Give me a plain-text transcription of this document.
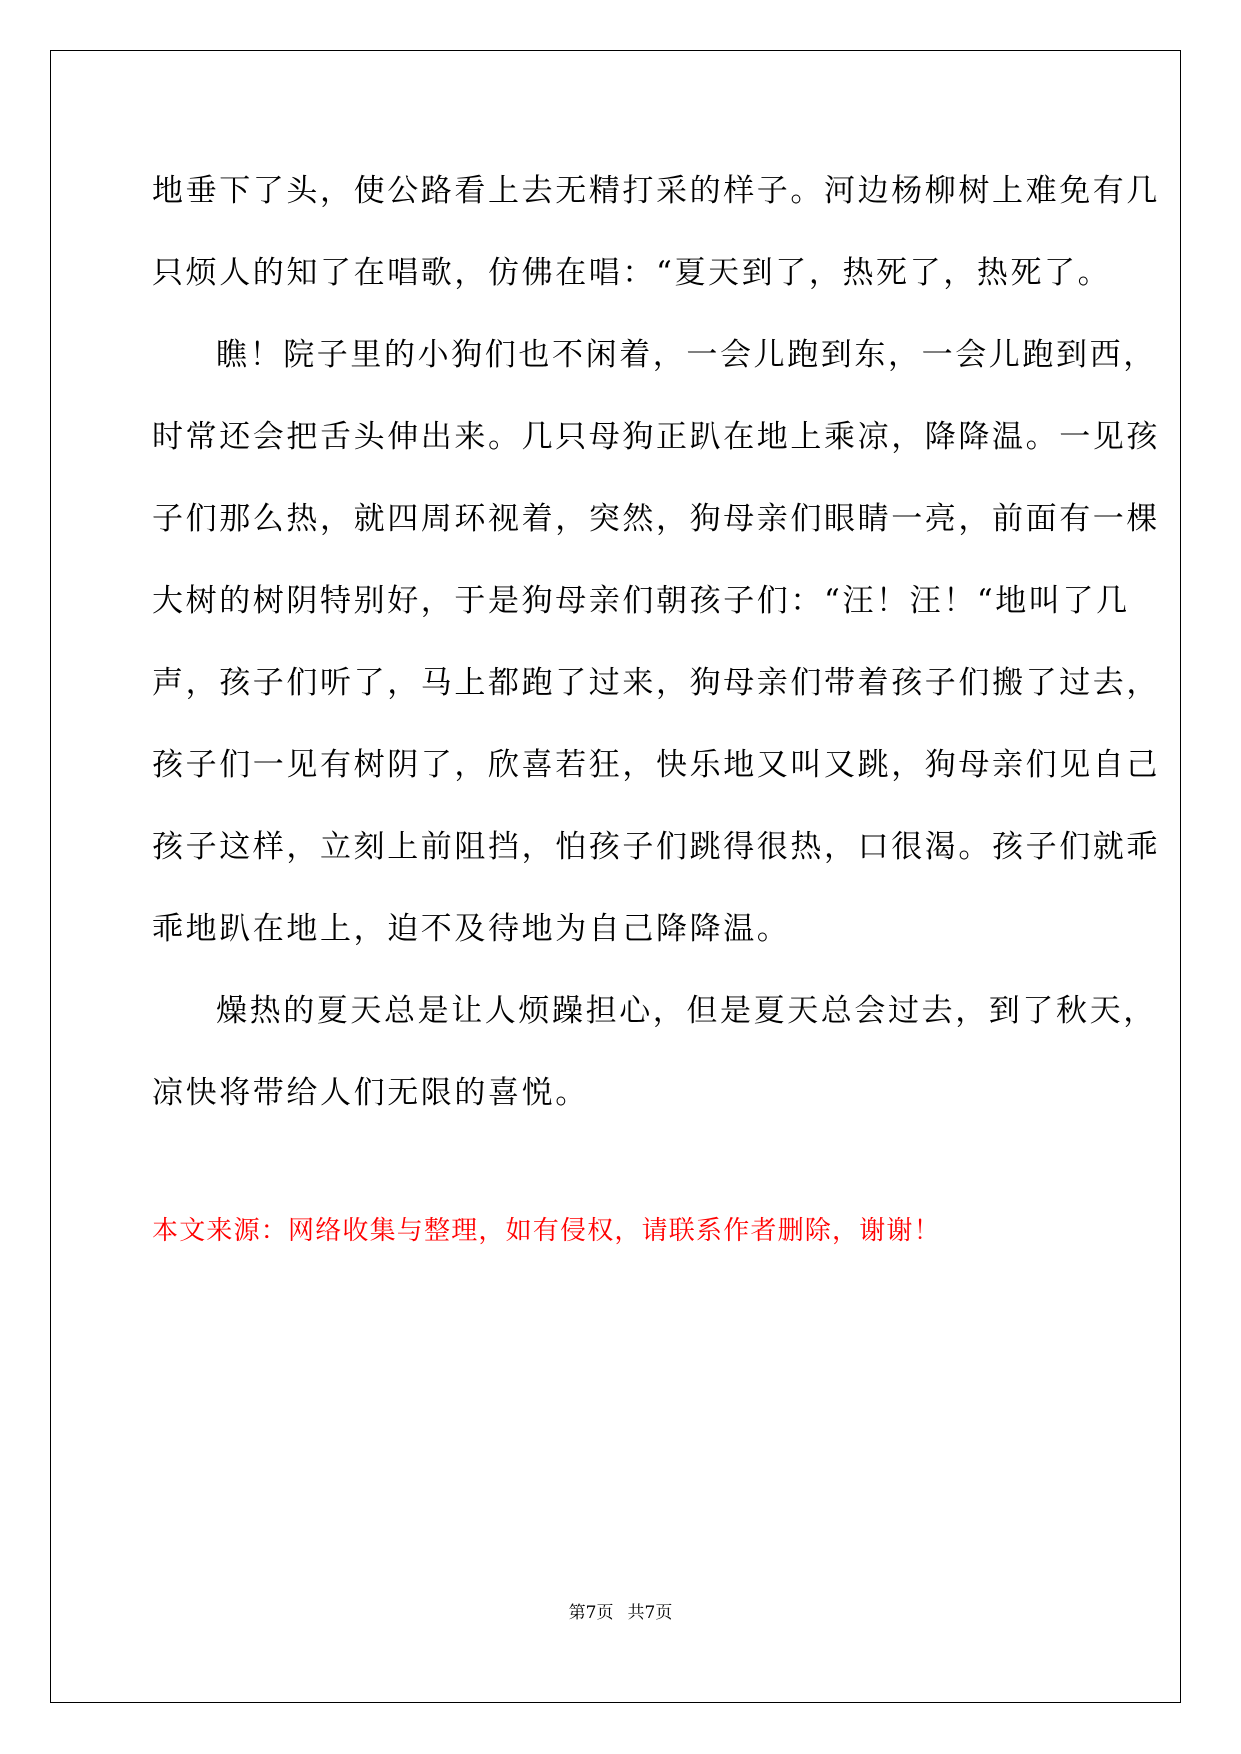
地垂下了头，使公路看上去无精打采的样子。河边杨柳树上难免有几
只烦人的知了在唱歌，仿佛在唱：“夏天到了，热死了，热死了。
瞧！院子里的小狗们也不闲着，一会儿跑到东，一会儿跑到西，
时常还会把舌头伸出来。几只母狗正趴在地上乘凉，降降温。一见孩
子们那么热，就四周环视着，突然，狗母亲们眼睛一亮，前面有一棵
大树的树阴特别好，于是狗母亲们朝孩子们：“汪！汪！“地叫了几
声，孩子们听了，马上都跑了过来，狗母亲们带着孩子们搬了过去，
孩子们一见有树阴了，欣喜若狂，快乐地又叫又跳，狗母亲们见自己
孩子这样，立刻上前阻挡，怕孩子们跳得很热，口很渴。孩子们就乖
乖地趴在地上，迫不及待地为自己降降温。
燥热的夏天总是让人烦躁担心，但是夏天总会过去，到了秋天，
凉快将带给人们无限的喜悦。
本文来源：网络收集与整理，如有侵权，请联系作者删除，谢谢！
第7页 共7页
